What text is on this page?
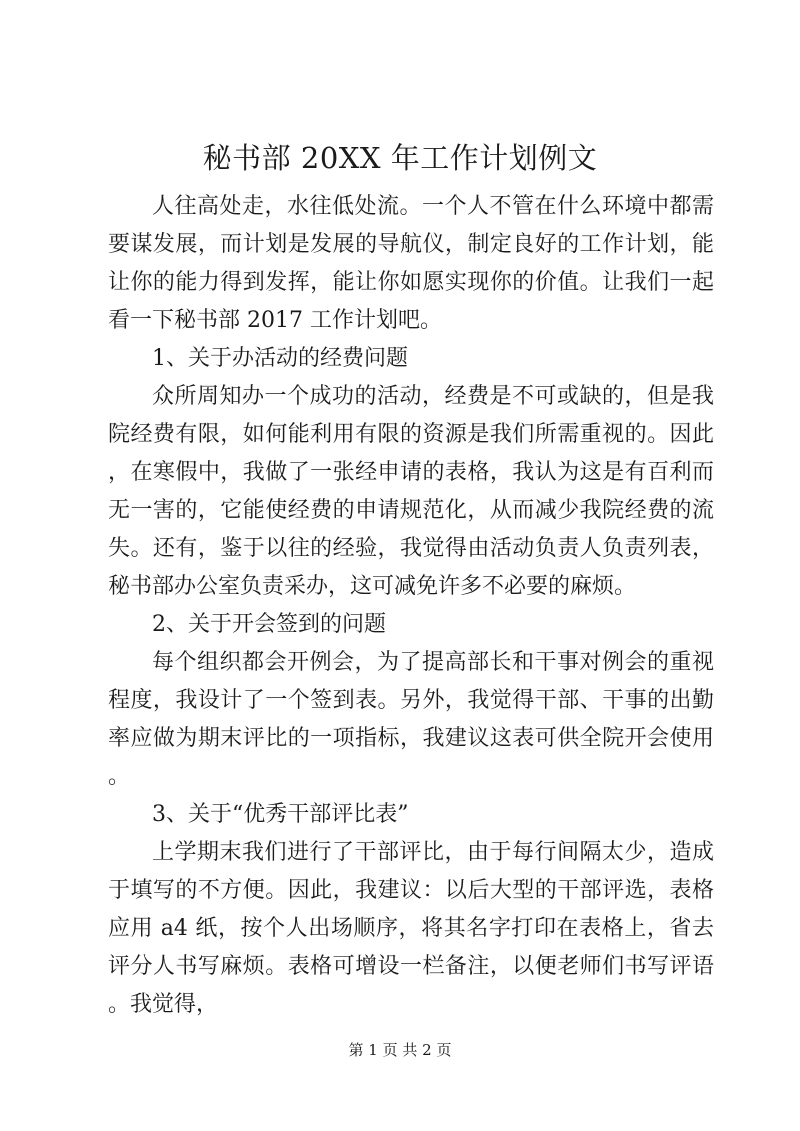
秘书部 20XX 年工作计划例文

人往高处走，水往低处流。一个人不管在什么环境中都需要谋发展，而计划是发展的导航仪，制定良好的工作计划，能让你的能力得到发挥，能让你如愿实现你的价值。让我们一起看一下秘书部 2017 工作计划吧。

1、关于办活动的经费问题

众所周知办一个成功的活动，经费是不可或缺的，但是我院经费有限，如何能利用有限的资源是我们所需重视的。因此，在寒假中，我做了一张经申请的表格，我认为这是有百利而无一害的，它能使经费的申请规范化，从而减少我院经费的流失。还有，鉴于以往的经验，我觉得由活动负责人负责列表，秘书部办公室负责采办，这可减免许多不必要的麻烦。

2、关于开会签到的问题

每个组织都会开例会，为了提高部长和干事对例会的重视程度，我设计了一个签到表。另外，我觉得干部、干事的出勤率应做为期末评比的一项指标，我建议这表可供全院开会使用。

3、关于“优秀干部评比表”

上学期末我们进行了干部评比，由于每行间隔太少，造成于填写的不方便。因此，我建议：以后大型的干部评选，表格应用 a4 纸，按个人出场顺序，将其名字打印在表格上，省去评分人书写麻烦。表格可增设一栏备注，以便老师们书写评语。我觉得，

第 1 页 共 2 页
